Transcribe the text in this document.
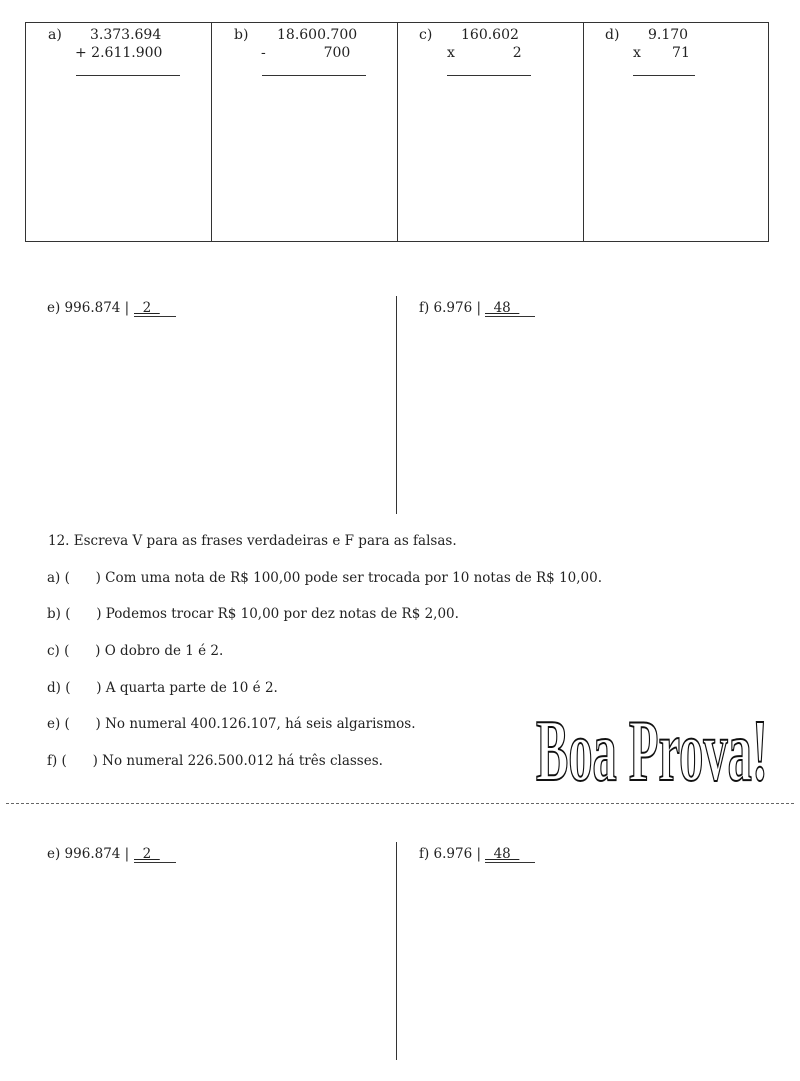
a) 3.373.694
+ 2.611.900
b) 18.600.700
-             700
c) 160.602
x             2
d) 9.170
x       71
e) 996.874 | 2	f) 6.976 | 48
12. Escreva V para as frases verdadeiras e F para as falsas.
a) (      ) Com uma nota de R$ 100,00 pode ser trocada por 10 notas de R$ 10,00.
b) (      ) Podemos trocar R$ 10,00 por dez notas de R$ 2,00.
c) (      ) O dobro de 1 é 2.
d) (      ) A quarta parte de 10 é 2.
e) (      ) No numeral 400.126.107, há seis algarismos.
f) (      ) No numeral 226.500.012 há três classes. Boa Prova!
e) 996.874 | 2	f) 6.976 | 48
